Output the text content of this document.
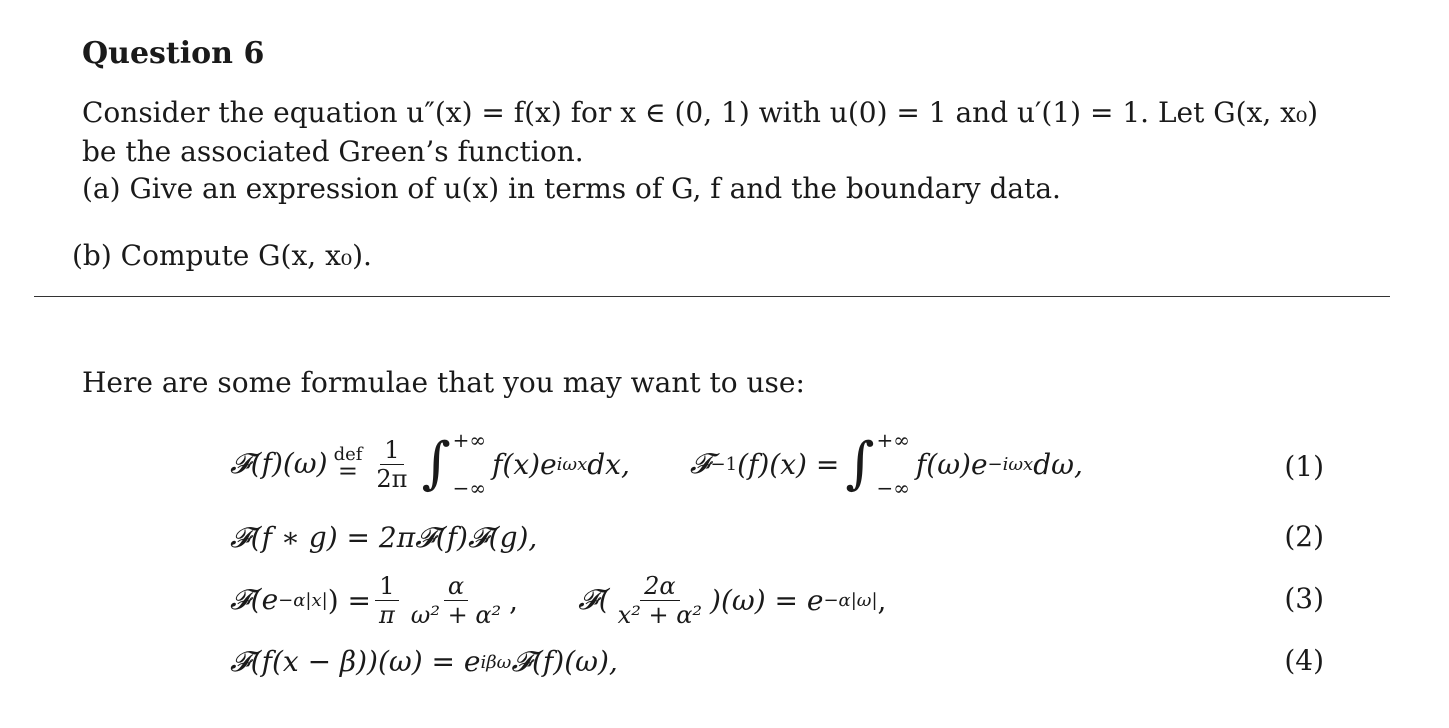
Question 6

Consider the equation u″(x) = f(x) for x ∈ (0, 1) with u(0) = 1 and u′(1) = 1. Let G(x, x₀)

be the associated Green’s function.

(a) Give an expression of u(x) in terms of G, f and the boundary data.

(b) Compute G(x, x₀).

Here are some formulae that you may want to use:
𝓕(f)(ω) def
= $\frac{1}{2\pi}$ ∫ +∞
−∞
f(x)e iωx dx, 𝓕 −1 (f)(x) = ∫ +∞
−∞
f(ω)e −iωx dω,	(1)
𝓕(f ∗ g) = 2π𝓕(f)𝓕(g),	(2)
𝓕(e −α|x| ) = $\frac{1}{\pi} \frac{\alpha}{\text{ω² + α²}}$ , 𝓕( $\frac{2\alpha}{\text{x² + α²}} )(\omega) = e -\alpha|\omega|$ ,	(3)
𝓕(f(x − β))(ω) = e iβω 𝓕(f)(ω),	(4)
